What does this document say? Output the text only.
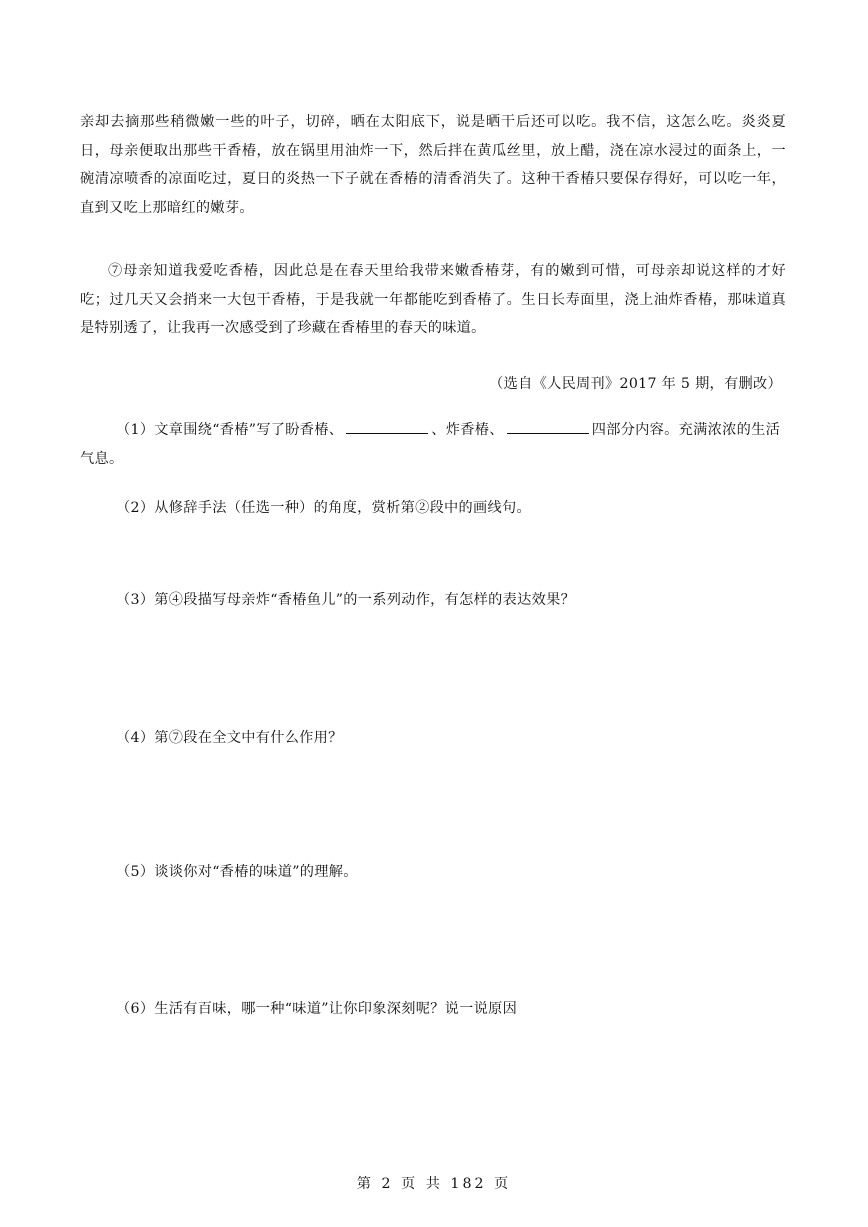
亲却去摘那些稍微嫩一些的叶子，切碎，晒在太阳底下，说是晒干后还可以吃。我不信，这怎么吃。炎炎夏日，母亲便取出那些干香椿，放在锅里用油炸一下，然后拌在黄瓜丝里，放上醋，浇在凉水浸过的面条上，一碗清凉喷香的凉面吃过，夏日的炎热一下子就在香椿的清香消失了。这种干香椿只要保存得好，可以吃一年，直到又吃上那暗红的嫩芽。

⑦母亲知道我爱吃香椿，因此总是在春天里给我带来嫩香椿芽，有的嫩到可惜，可母亲却说这样的才好吃；过几天又会捎来一大包干香椿，于是我就一年都能吃到香椿了。生日长寿面里，浇上油炸香椿，那味道真是特别透了，让我再一次感受到了珍藏在香椿里的春天的味道。

（选自《人民周刊》2017 年 5 期，有删改）

（1）文章围绕“香椿”写了盼香椿、	、炸香椿、	四部分内容。充满浓浓的生活气息。

（2）从修辞手法（任选一种）的角度，赏析第②段中的画线句。

（3）第④段描写母亲炸“香椿鱼儿”的一系列动作，有怎样的表达效果？

（4）第⑦段在全文中有什么作用？

（5）谈谈你对“香椿的味道”的理解。

（6）生活有百味，哪一种“味道”让你印象深刻呢？说一说原因

第 2 页 共 182 页
